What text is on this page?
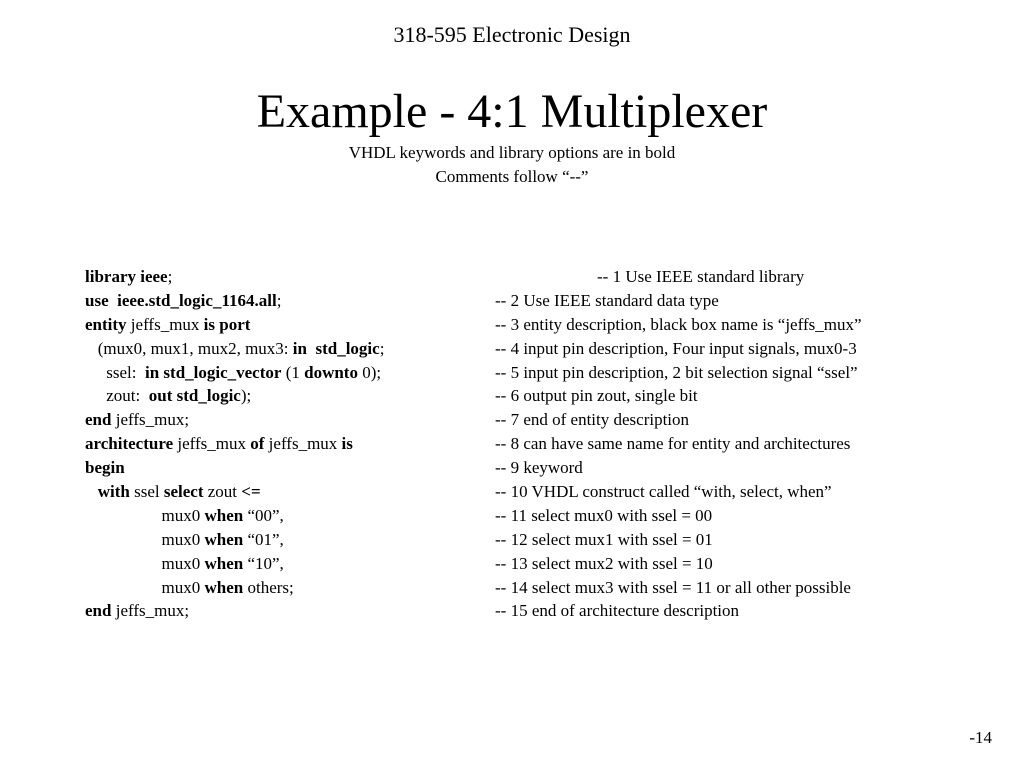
318-595 Electronic Design
Example - 4:1 Multiplexer
VHDL keywords and library options are in bold
Comments follow “--”
library ieee;
use  ieee.std_logic_1164.all;
entity jeffs_mux is port
(mux0, mux1, mux2, mux3: in  std_logic;
ssel:  in std_logic_vector (1 downto 0);
zout:  out std_logic);
end jeffs_mux;
architecture jeffs_mux of jeffs_mux is
begin
with ssel select zout <=
mux0 when “00”,
mux0 when “01”,
mux0 when “10”,
mux0 when others;
end jeffs_mux;
-- 1 Use IEEE standard library
-- 2 Use IEEE standard data type
-- 3 entity description, black box name is “jeffs_mux”
-- 4 input pin description, Four input signals, mux0-3
-- 5 input pin description, 2 bit selection signal “ssel”
-- 6 output pin zout, single bit
-- 7 end of entity description
-- 8 can have same name for entity and architectures
-- 9 keyword
-- 10 VHDL construct called “with, select, when”
-- 11 select mux0 with ssel = 00
-- 12 select mux1 with ssel = 01
-- 13 select mux2 with ssel = 10
-- 14 select mux3 with ssel = 11 or all other possible
-- 15 end of architecture description
-14
